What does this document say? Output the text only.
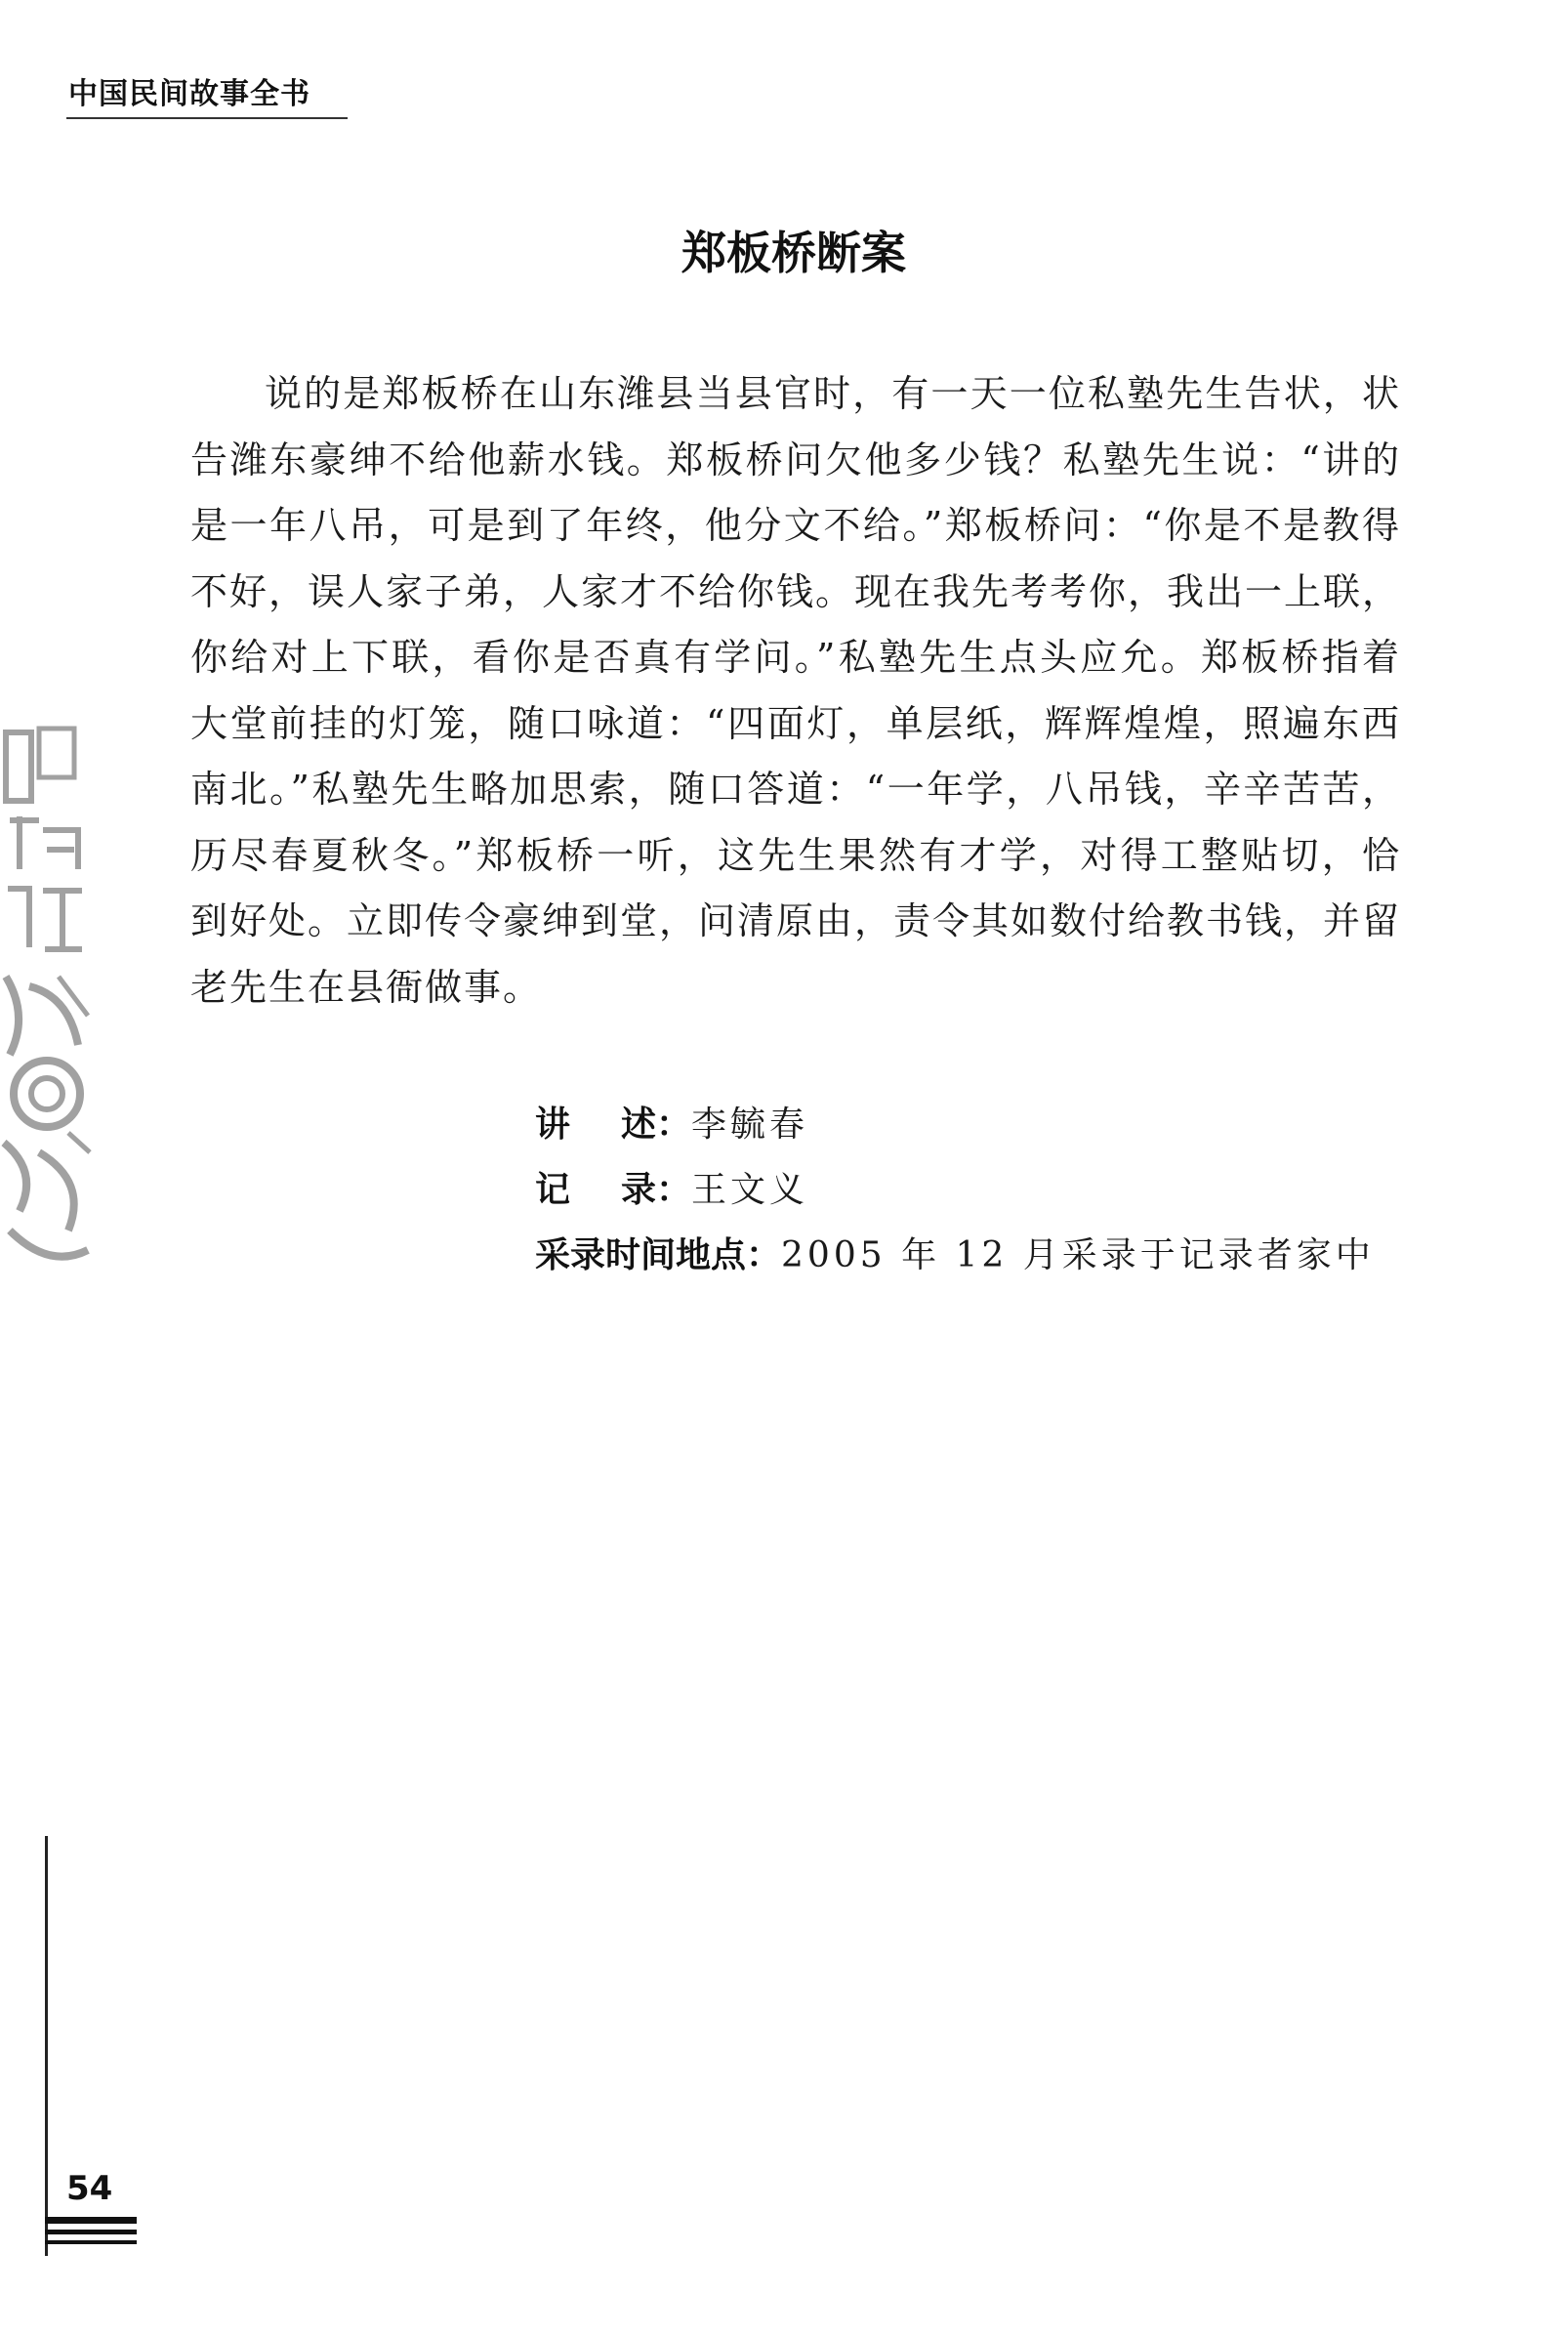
中国民间故事全书
郑板桥断案

说的是郑板桥在山东潍县当县官时，有一天一位私塾先生告状，状告潍东豪绅不给他薪水钱。郑板桥问欠他多少钱？私塾先生说：“讲的是一年八吊，可是到了年终，他分文不给。”郑板桥问：“你是不是教得不好，误人家子弟，人家才不给你钱。现在我先考考你，我出一上联，你给对上下联，看你是否真有学问。”私塾先生点头应允。郑板桥指着大堂前挂的灯笼，随口咏道：“四面灯，单层纸，辉辉煌煌，照遍东西南北。”私塾先生略加思索，随口答道：“一年学，八吊钱，辛辛苦苦，历尽春夏秋冬。”郑板桥一听，这先生果然有才学，对得工整贴切，恰到好处。立即传令豪绅到堂，问清原由，责令其如数付给教书钱，并留老先生在县衙做事。

讲 述： 李毓春
记 录： 王文义
采录时间地点： 2005 年 12 月采录于记录者家中
54
